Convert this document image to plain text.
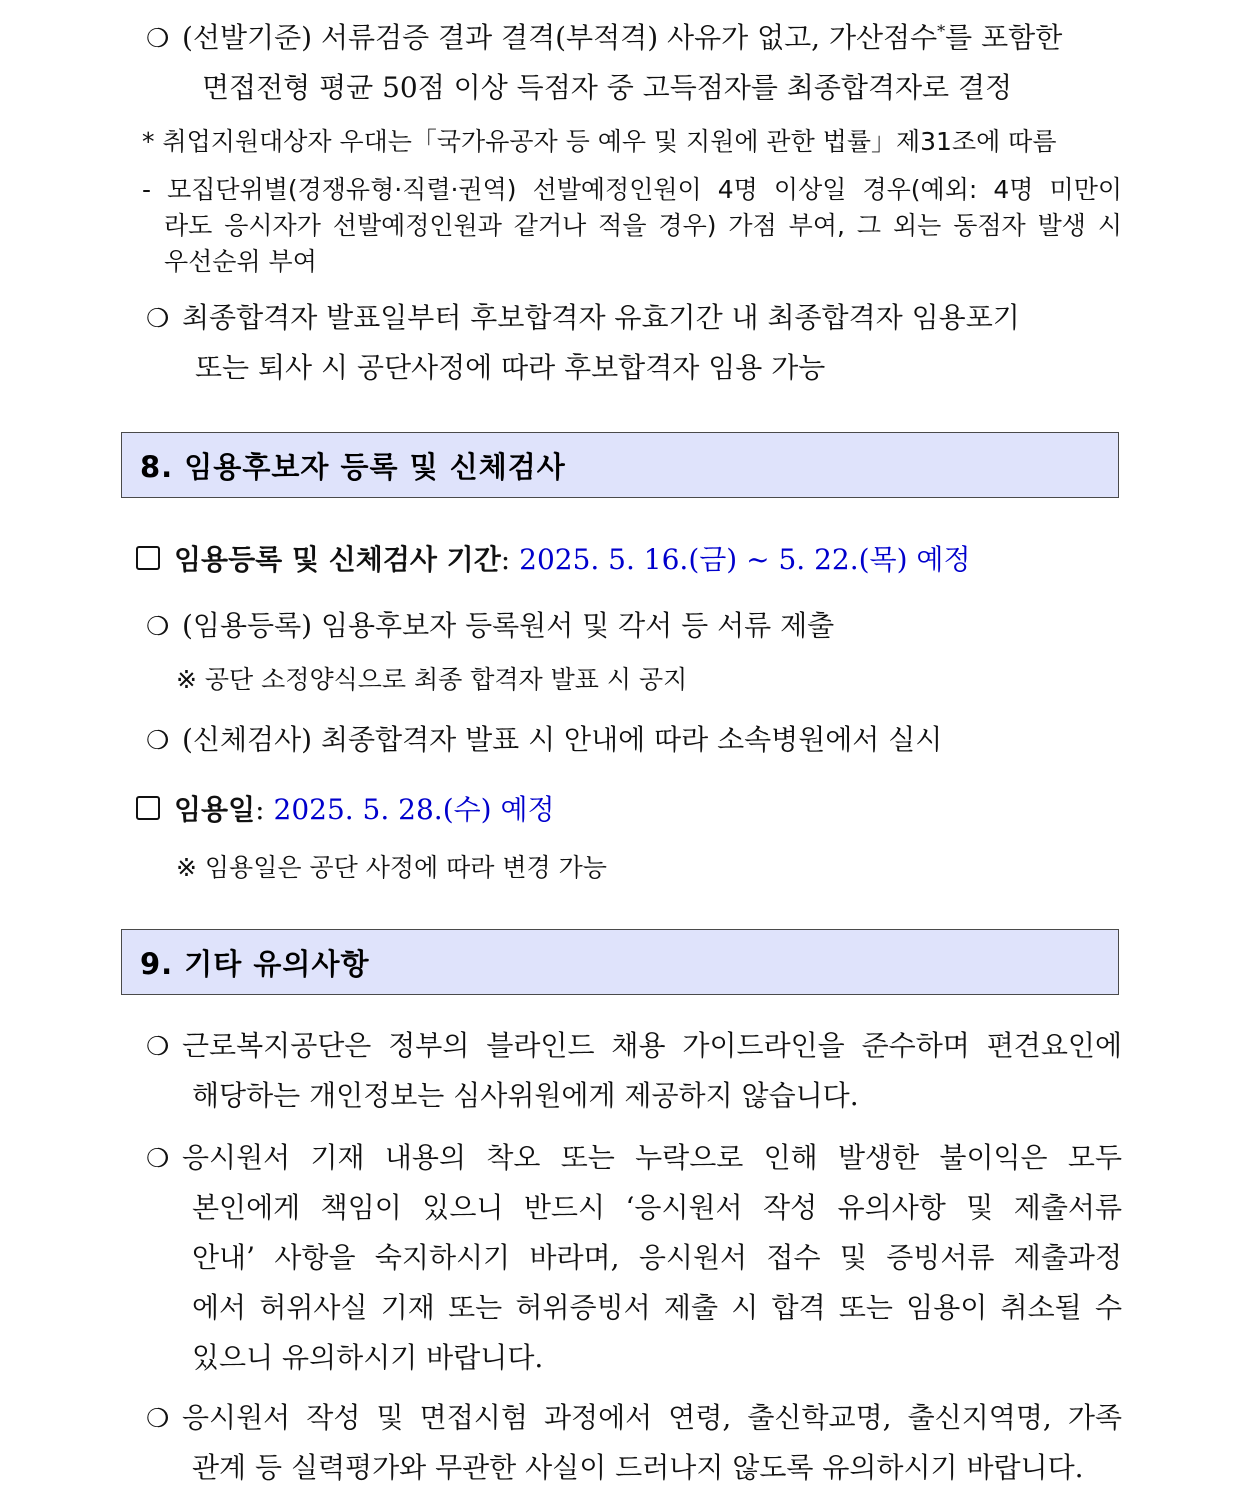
❍ (선발기준) 서류검증 결과 결격(부적격) 사유가 없고, 가산점수*를 포함한
면접전형 평균 50점 이상 득점자 중 고득점자를 최종합격자로 결정
* 취업지원대상자 우대는「국가유공자 등 예우 및 지원에 관한 법률」제31조에 따름
- 모집단위별(경쟁유형·직렬·권역) 선발예정인원이 4명 이상일 경우(예외: 4명 미만이
라도 응시자가 선발예정인원과 같거나 적을 경우) 가점 부여, 그 외는 동점자 발생 시
우선순위 부여
❍ 최종합격자 발표일부터 후보합격자 유효기간 내 최종합격자 임용포기
또는 퇴사 시 공단사정에 따라 후보합격자 임용 가능
8. 임용후보자 등록 및 신체검사
임용등록 및 신체검사 기간: 2025. 5. 16.(금) ~ 5. 22.(목) 예정
❍ (임용등록) 임용후보자 등록원서 및 각서 등 서류 제출
※ 공단 소정양식으로 최종 합격자 발표 시 공지
❍ (신체검사) 최종합격자 발표 시 안내에 따라 소속병원에서 실시
임용일: 2025. 5. 28.(수) 예정
※ 임용일은 공단 사정에 따라 변경 가능
9. 기타 유의사항
❍ 근로복지공단은 정부의 블라인드 채용 가이드라인을 준수하며 편견요인에
해당하는 개인정보는 심사위원에게 제공하지 않습니다.
❍ 응시원서 기재 내용의 착오 또는 누락으로 인해 발생한 불이익은 모두
본인에게 책임이 있으니 반드시 ‘응시원서 작성 유의사항 및 제출서류
안내’ 사항을 숙지하시기 바라며, 응시원서 접수 및 증빙서류 제출과정
에서 허위사실 기재 또는 허위증빙서 제출 시 합격 또는 임용이 취소될 수
있으니 유의하시기 바랍니다.
❍ 응시원서 작성 및 면접시험 과정에서 연령, 출신학교명, 출신지역명, 가족
관계 등 실력평가와 무관한 사실이 드러나지 않도록 유의하시기 바랍니다.
